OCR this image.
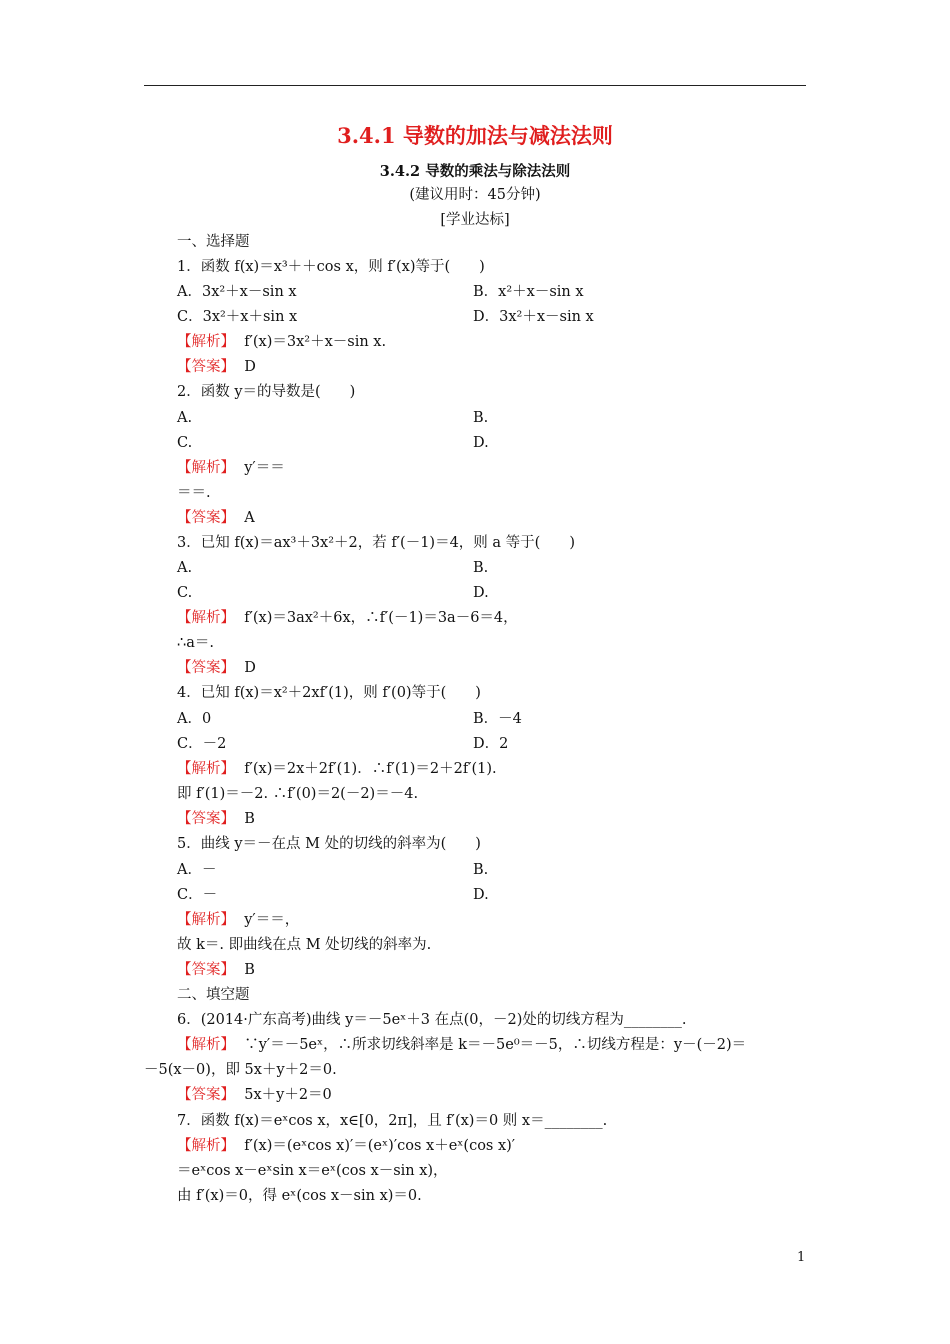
3.4.1 导数的加法与减法法则
3.4.2 导数的乘法与除法法则
(建议用时：45分钟)
[学业达标]
一、选择题
1．函数 f(x)＝x³＋＋cos x，则 f′(x)等于(　　)
A．3x²＋x－sin x	B．x²＋x－sin x
C．3x²＋x＋sin x	D．3x²＋x－sin x
【解析】 f′(x)＝3x²＋x－sin x.
【答案】 D
2．函数 y＝的导数是(　　)
A.	B.
C.	D.
【解析】 y′＝＝
＝＝.
【答案】 A
3．已知 f(x)＝ax³＋3x²＋2，若 f′(－1)＝4，则 a 等于(　　)
A.	B.
C.	D.
【解析】 f′(x)＝3ax²＋6x，∴f′(－1)＝3a－6＝4，
∴a＝.
【答案】 D
4．已知 f(x)＝x²＋2xf′(1)，则 f′(0)等于(　　)
A．0	B．－4
C．－2	D．2
【解析】 f′(x)＝2x＋2f′(1)．∴f′(1)＝2＋2f′(1).
即 f′(1)＝－2. ∴f′(0)＝2(－2)＝－4.
【答案】 B
5．曲线 y＝－在点 M 处的切线的斜率为(　　)
A．－	B.
C．－	D.
【解析】 y′＝＝，
故 k＝. 即曲线在点 M 处切线的斜率为.
【答案】 B
二、填空题
6．(2014·广东高考)曲线 y＝－5eˣ＋3 在点(0，－2)处的切线方程为________.
【解析】 ∵y′＝－5eˣ，∴所求切线斜率是 k＝－5e⁰＝－5，∴切线方程是：y－(－2)＝
－5(x－0)，即 5x＋y＋2＝0.
【答案】 5x＋y＋2＝0
7．函数 f(x)＝eˣcos x，x∈[0，2π]，且 f′(x)＝0 则 x＝________.
【解析】 f′(x)＝(eˣcos x)′＝(eˣ)′cos x＋eˣ(cos x)′
＝eˣcos x－eˣsin x＝eˣ(cos x－sin x)，
由 f′(x)＝0，得 eˣ(cos x－sin x)＝0.
1
